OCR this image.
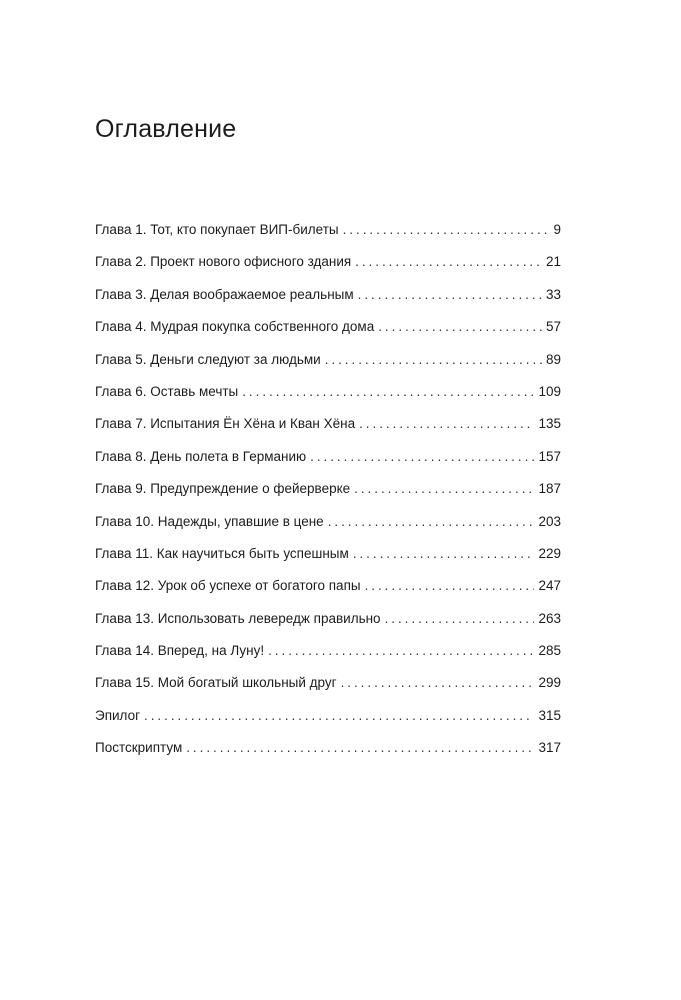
Оглавление
Глава 1. Тот, кто покупает ВИП-билеты . . .	9
Глава 2. Проект нового офисного здания . . .	21
Глава 3. Делая воображаемое реальным . . .	33
Глава 4. Мудрая покупка собственного дома . . .	57
Глава 5. Деньги следуют за людьми . . .	89
Глава 6. Оставь мечты . . .	109
Глава 7. Испытания Ён Хёна и Кван Хёна . . .	135
Глава 8. День полета в Германию . . .	157
Глава 9. Предупреждение о фейерверке . . .	187
Глава 10. Надежды, упавшие в цене . . .	203
Глава 11. Как научиться быть успешным . . .	229
Глава 12. Урок об успехе от богатого папы . . .	247
Глава 13. Использовать левередж правильно . . .	263
Глава 14. Вперед, на Луну! . . .	285
Глава 15. Мой богатый школьный друг . . .	299
Эпилог . . .	315
Постскриптум . . .	317
